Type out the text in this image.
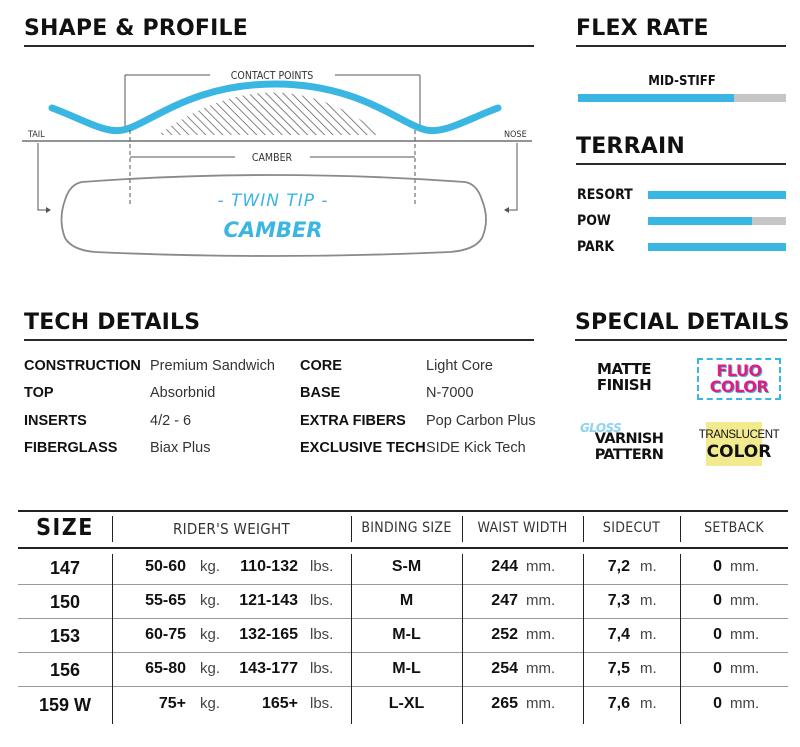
SHAPE & PROFILE
CONTACT POINTS
TAIL	NOSE
CAMBER
- TWIN TIP -
CAMBER
FLEX RATE
MID-STIFF
TERRAIN
RESORT
POW
PARK
TECH DETAILS
CONSTRUCTION Premium Sandwich
TOP	Absorbnid
INSERTS	4/2 - 6
FIBERGLASS Biax Plus
CORE	Light Core
BASE	N-7000
EXTRA FIBERS Pop Carbon Plus
EXCLUSIVE TECH SIDE Kick Tech
SPECIAL DETAILS
MATTE
FINISH
FLUO
COLOR
GLOSS
VARNISH
PATTERN
TRANSLUCENT
COLOR
SIZE	RIDER'S WEIGHT	BINDING SIZE	WAIST WIDTH	SIDECUT	SETBACK
147	50-60 kg.	110-132 lbs.	S-M	244 mm.	7,2 m.	0 mm.
150	55-65 kg.	121-143 lbs.	M	247 mm.	7,3 m.	0 mm.
153	60-75 kg.	132-165 lbs.	M-L	252 mm.	7,4 m.	0 mm.
156	65-80 kg.	143-177 lbs.	M-L	254 mm.	7,5 m.	0 mm.
159 W	75+ kg.	165+ lbs.	L-XL	265 mm.	7,6 m.	0 mm.
